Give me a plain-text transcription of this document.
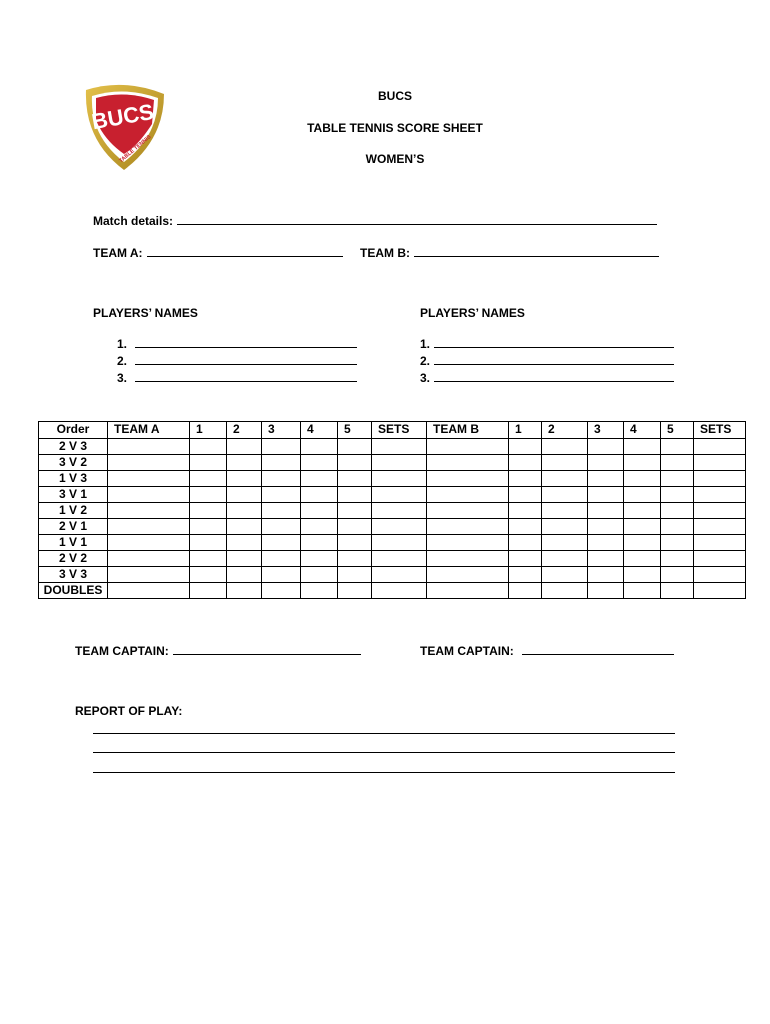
BUCS
TABLE TENNIS
BUCS
TABLE TENNIS SCORE SHEET
WOMEN’S
Match details:
TEAM A:	TEAM B:
PLAYERS’ NAMES	PLAYERS’ NAMES
1.
2.
3.
1.
2.
3.
Order	TEAM A	1	2	3	4	5	SETS	TEAM B	1	2	3	4	5	SETS
2 V 3														
3 V 2														
1 V 3														
3 V 1														
1 V 2														
2 V 1														
1 V 1														
2 V 2														
3 V 3														
DOUBLES														
TEAM CAPTAIN:	TEAM CAPTAIN:
REPORT OF PLAY:
